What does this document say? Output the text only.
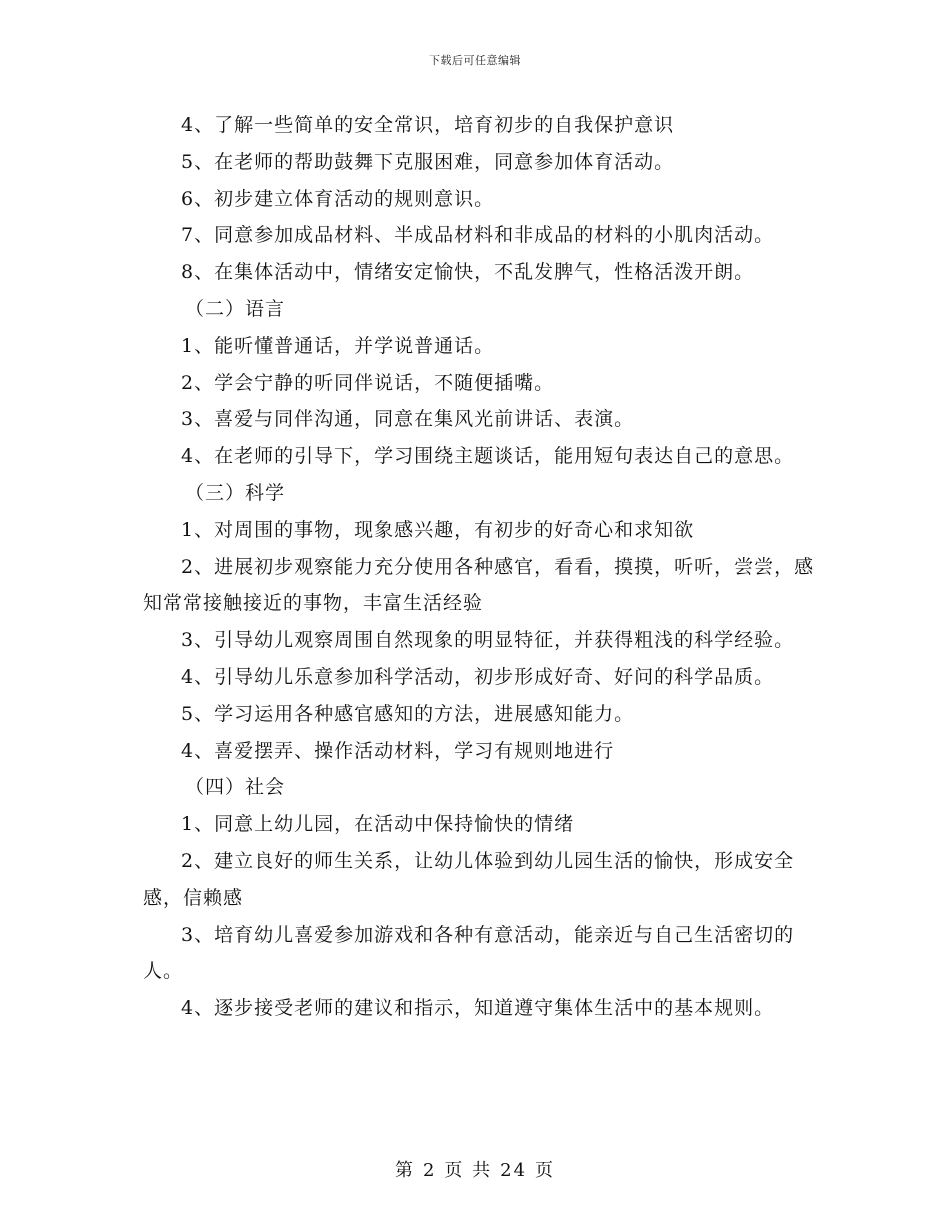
下载后可任意编辑

4、了解一些简单的安全常识，培育初步的自我保护意识

5、在老师的帮助鼓舞下克服困难，同意参加体育活动。

6、初步建立体育活动的规则意识。

7、同意参加成品材料、半成品材料和非成品的材料的小肌肉活动。

8、在集体活动中，情绪安定愉快，不乱发脾气，性格活泼开朗。

（二）语言

1、能听懂普通话，并学说普通话。

2、学会宁静的听同伴说话，不随便插嘴。

3、喜爱与同伴沟通，同意在集风光前讲话、表演。

4、在老师的引导下，学习围绕主题谈话，能用短句表达自己的意思。

（三）科学

1、对周围的事物，现象感兴趣，有初步的好奇心和求知欲

2、进展初步观察能力充分使用各种感官，看看，摸摸，听听，尝尝，感知常常接触接近的事物，丰富生活经验

3、引导幼儿观察周围自然现象的明显特征，并获得粗浅的科学经验。

4、引导幼儿乐意参加科学活动，初步形成好奇、好问的科学品质。

5、学习运用各种感官感知的方法，进展感知能力。

4、喜爱摆弄、操作活动材料，学习有规则地进行

（四）社会

1、同意上幼儿园，在活动中保持愉快的情绪

2、建立良好的师生关系，让幼儿体验到幼儿园生活的愉快，形成安全感，信赖感

3、培育幼儿喜爱参加游戏和各种有意活动，能亲近与自己生活密切的人。

4、逐步接受老师的建议和指示，知道遵守集体生活中的基本规则。

第 2 页 共 24 页
